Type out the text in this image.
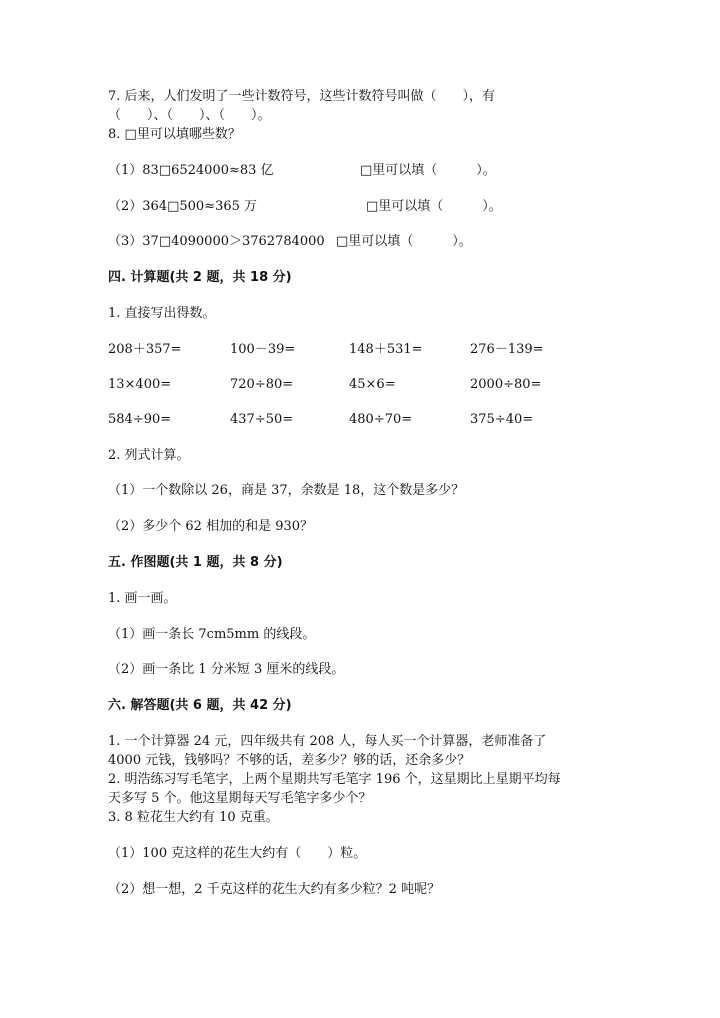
7. 后来，人们发明了一些计数符号，这些计数符号叫做（　　），有
（　　）、（　　）、（　　）。
8. □里可以填哪些数？
（1）83□6524000≈83 亿	□里可以填（　　　）。
（2）364□500≈365 万	□里可以填（　　　）。
（3）37□4090000＞3762784000 □里可以填（　　　）。
四. 计算题(共 2 题，共 18 分)
1. 直接写出得数。
208＋357=	100－39=	148＋531=	276－139=
13×400=	720÷80=	45×6=	2000÷80=
584÷90=	437÷50=	480÷70=	375÷40=
2. 列式计算。
（1）一个数除以 26，商是 37，余数是 18，这个数是多少？
（2）多少个 62 相加的和是 930？
五. 作图题(共 1 题，共 8 分)
1. 画一画。
（1）画一条长 7cm5mm 的线段。
（2）画一条比 1 分米短 3 厘米的线段。
六. 解答题(共 6 题，共 42 分)
1. 一个计算器 24 元，四年级共有 208 人，每人买一个计算器，老师准备了
4000 元钱，钱够吗？不够的话，差多少？够的话，还余多少？
2. 明浩练习写毛笔字，上两个星期共写毛笔字 196 个，这星期比上星期平均每
天多写 5 个。他这星期每天写毛笔字多少个？
3. 8 粒花生大约有 10 克重。
（1）100 克这样的花生大约有（　　）粒。
（2）想一想，2 千克这样的花生大约有多少粒？2 吨呢？
